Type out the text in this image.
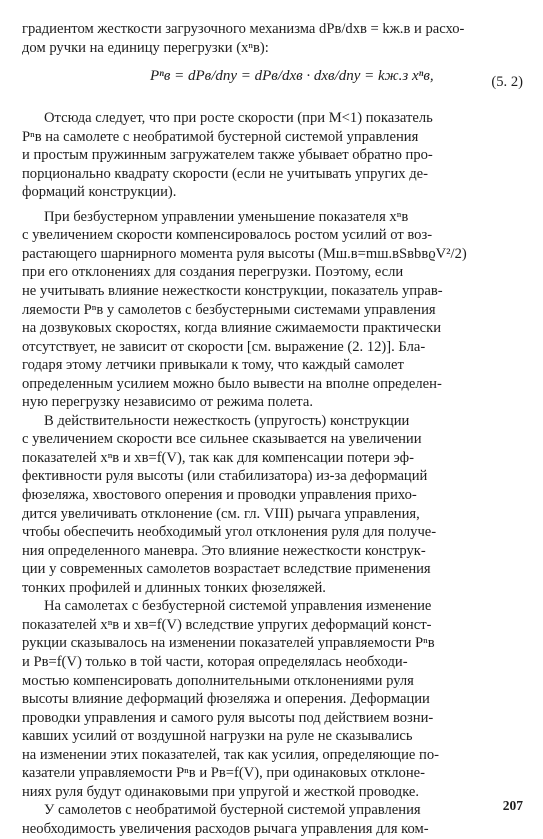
градиентом жесткости загрузочного механизма dPв/dxв = kж.в и расхо-

дом ручки на единицу перегрузки (xⁿв):

Pⁿв = dPв/dnу = dPв/dxв · dxв/dnу = kж.з xⁿв,	(5. 2)

Отсюда следует, что при росте скорости (при M<1) показатель

Pⁿв на самолете с необратимой бустерной системой управления

и простым пружинным загружателем также убывает обратно про-

порционально квадрату скорости (если не учитывать упругих де-

формаций конструкции).

При безбустерном управлении уменьшение показателя xⁿв

с увеличением скорости компенсировалось ростом усилий от воз-

растающего шарнирного момента руля высоты (Mш.в=mш.вSвbвϱV²/2)

при его отклонениях для создания перегрузки. Поэтому, если

не учитывать влияние нежесткости конструкции, показатель управ-

ляемости Pⁿв у самолетов с безбустерными системами управления

на дозвуковых скоростях, когда влияние сжимаемости практически

отсутствует, не зависит от скорости [см. выражение (2. 12)]. Бла-

годаря этому летчики привыкали к тому, что каждый самолет

определенным усилием можно было вывести на вполне определен-

ную перегрузку независимо от режима полета.

В действительности нежесткость (упругость) конструкции

с увеличением скорости все сильнее сказывается на увеличении

показателей xⁿв и xв=f(V), так как для компенсации потери эф-

фективности руля высоты (или стабилизатора) из-за деформаций

фюзеляжа, хвостового оперения и проводки управления прихо-

дится увеличивать отклонение (см. гл. VIII) рычага управления,

чтобы обеспечить необходимый угол отклонения руля для получе-

ния определенного маневра. Это влияние нежесткости конструк-

ции у современных самолетов возрастает вследствие применения

тонких профилей и длинных тонких фюзеляжей.

На самолетах с безбустерной системой управления изменение

показателей xⁿв и xв=f(V) вследствие упругих деформаций конст-

рукции сказывалось на изменении показателей управляемости Pⁿв

и Pв=f(V) только в той части, которая определялась необходи-

мостью компенсировать дополнительными отклонениями руля

высоты влияние деформаций фюзеляжа и оперения. Деформации

проводки управления и самого руля высоты под действием возни-

кавших усилий от воздушной нагрузки на руле не сказывались

на изменении этих показателей, так как усилия, определяющие по-

казатели управляемости Pⁿв и Pв=f(V), при одинаковых отклоне-

ниях руля будут одинаковыми при упругой и жесткой проводке.

У самолетов с необратимой бустерной системой управления

необходимость увеличения расходов рычага управления для ком-

207
